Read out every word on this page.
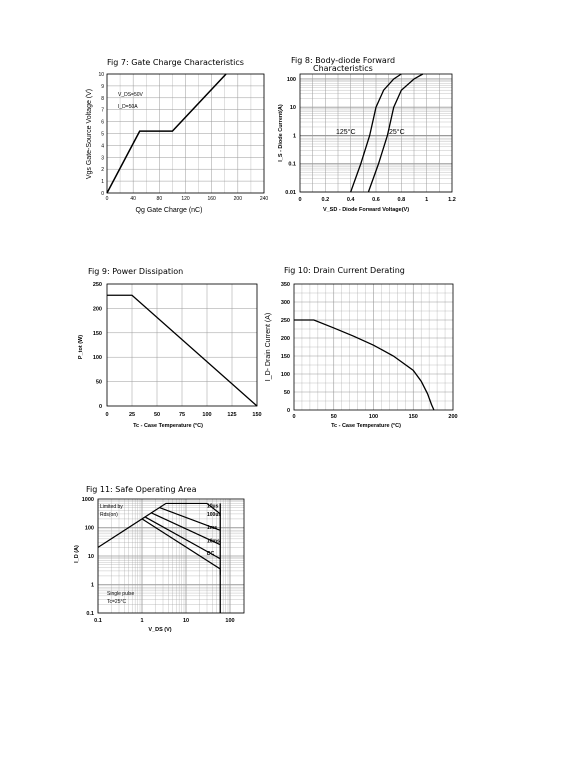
Fig 7: Gate Charge Characteristics
0	40	80	120	160	200	240
0
1
2
3
4
5
6
7
8
9
10
V_DS=50V
I_D=50A
Qg Gate Charge (nC)
Vgs Gate-Source Voltage (V)
Fig 8: Body-diode Forward
Characteristics
0	0.2	0.4	0.6	0.8	1	1.2
0.01
0.1
1
10
100
125°C	25°C
V_SD - Diode Forward Voltage(V)
I_S - Diode Current(A)
Fig 9: Power Dissipation
0	25	50	75	100	125	150
0
50
100
150
200
250
Tc - Case Temperature (°C)
P_tot (W)
Fig 10: Drain Current Derating
0	50	100	150	200
0
50
100
150
200
250
300
350
Tc - Case Temperature (°C)
I_D- Drain Current (A)
Fig 11: Safe Operating Area
0.1	1	10	100
0.1
1
10
100
1000
10us
100us
1ms
10ms
DC
Limited by
Rds(on)
Single pulse
Tc=25°C
V_DS (V)
I_D (A)
